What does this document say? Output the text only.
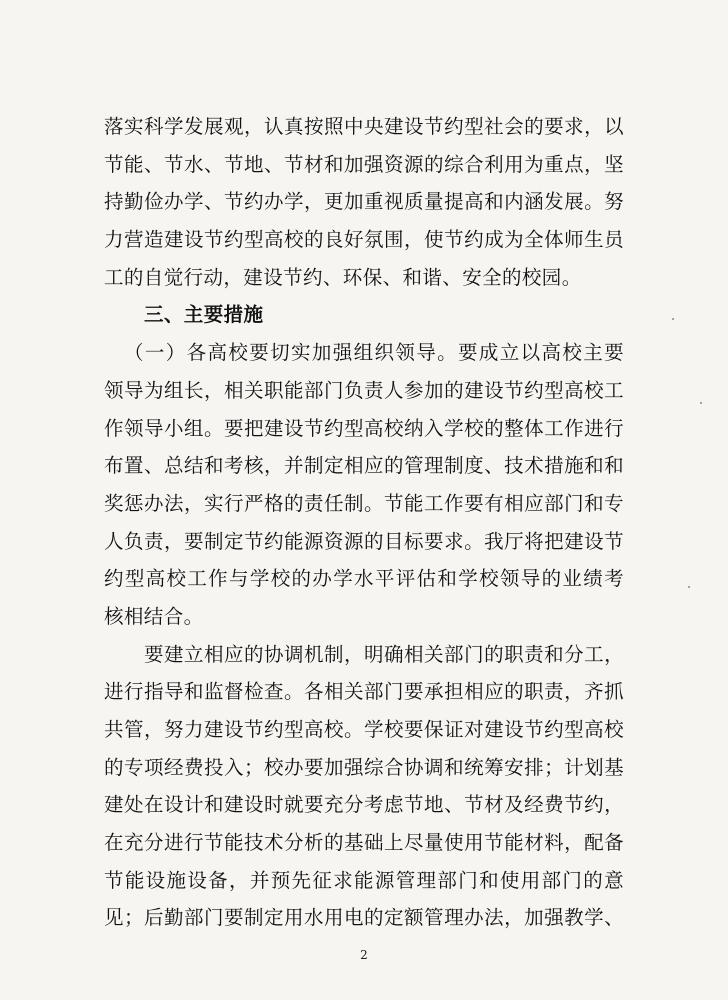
落实科学发展观，认真按照中央建设节约型社会的要求，以
节能、节水、节地、节材和加强资源的综合利用为重点，坚
持勤俭办学、节约办学，更加重视质量提高和内涵发展。努
力营造建设节约型高校的良好氛围，使节约成为全体师生员
工的自觉行动，建设节约、环保、和谐、安全的校园。
三、主要措施
（一）各高校要切实加强组织领导。要成立以高校主要
领导为组长，相关职能部门负责人参加的建设节约型高校工
作领导小组。要把建设节约型高校纳入学校的整体工作进行
布置、总结和考核，并制定相应的管理制度、技术措施和和
奖惩办法，实行严格的责任制。节能工作要有相应部门和专
人负责，要制定节约能源资源的目标要求。我厅将把建设节
约型高校工作与学校的办学水平评估和学校领导的业绩考
核相结合。
要建立相应的协调机制，明确相关部门的职责和分工，
进行指导和监督检查。各相关部门要承担相应的职责，齐抓
共管，努力建设节约型高校。学校要保证对建设节约型高校
的专项经费投入；校办要加强综合协调和统筹安排；计划基
建处在设计和建设时就要充分考虑节地、节材及经费节约，
在充分进行节能技术分析的基础上尽量使用节能材料，配备
节能设施设备，并预先征求能源管理部门和使用部门的意
见；后勤部门要制定用水用电的定额管理办法，加强教学、
2
